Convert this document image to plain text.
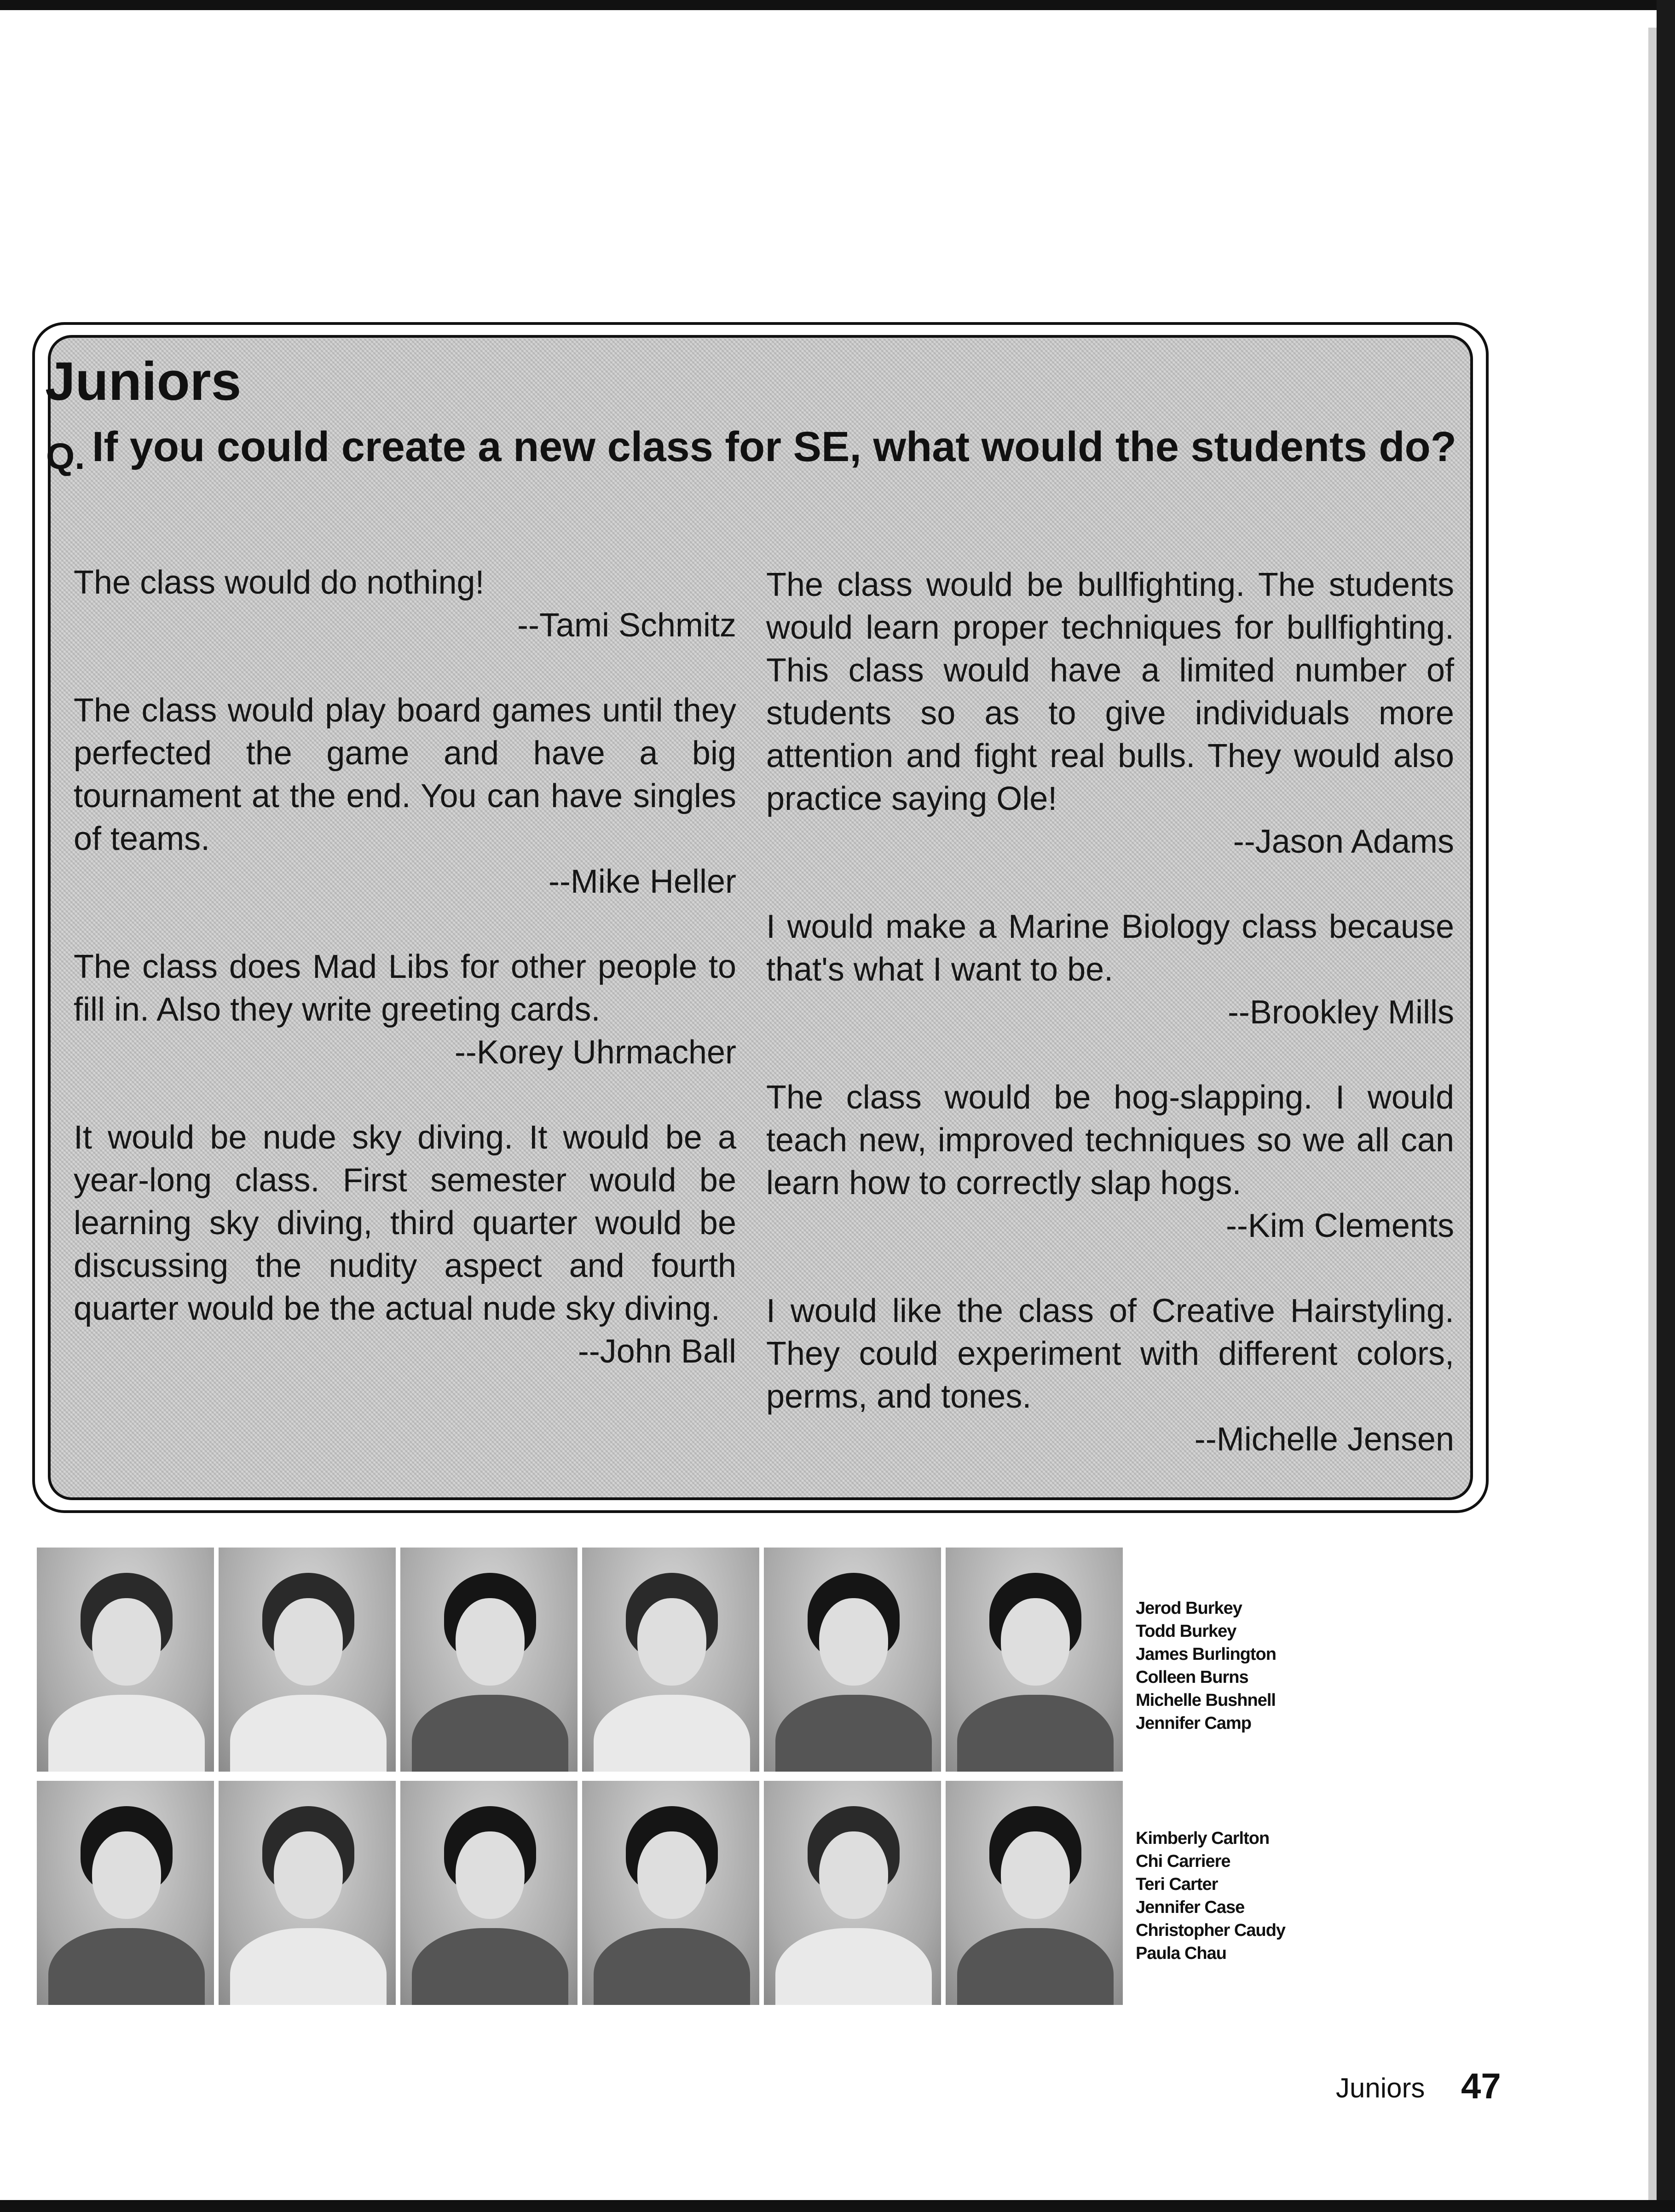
Juniors
Q. If you could create a new class for SE, what would the students do?

The class would do nothing!

--Tami Schmitz

The class would play board games until they perfected the game and have a big tournament at the end. You can have singles of teams.

--Mike Heller

The class does Mad Libs for other people to fill in. Also they write greeting cards.

--Korey Uhrmacher

It would be nude sky diving. It would be a year-long class. First semester would be learning sky diving, third quarter would be discussing the nudity aspect and fourth quarter would be the actual nude sky diving.

--John Ball

The class would be bullfighting. The students would learn proper techniques for bullfighting. This class would have a limited number of students so as to give individuals more attention and fight real bulls. They would also practice saying Ole!

--Jason Adams

I would make a Marine Biology class because that's what I want to be.

--Brookley Mills

The class would be hog-slapping. I would teach new, improved techniques so we all can learn how to correctly slap hogs.

--Kim Clements

I would like the class of Creative Hairstyling. They could experiment with different colors, perms, and tones.

--Michelle Jensen

Jerod Burkey
Todd Burkey
James Burlington
Colleen Burns
Michelle Bushnell
Jennifer Camp
Kimberly Carlton
Chi Carriere
Teri Carter
Jennifer Case
Christopher Caudy
Paula Chau
Juniors 47
